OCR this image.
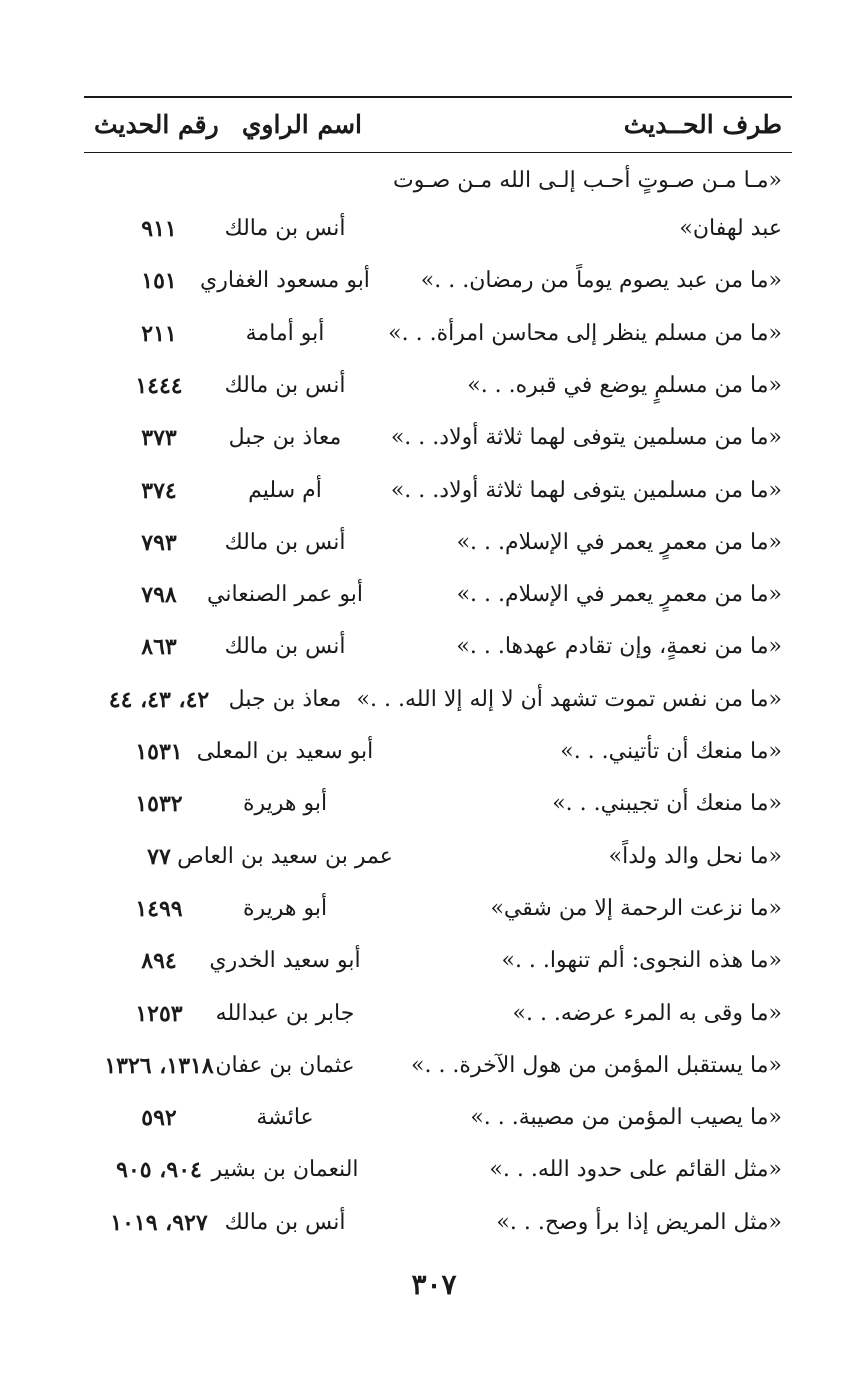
طرف الحــديث
اسم الراوي
رقم الحديث
«مـا مـن صـوتٍ أحـب إلـى الله مـن صـوت
عبد لهفان»
أنس بن مالك
٩١١
«ما من عبد يصوم يوماً من رمضان. . .»
أبو مسعود الغفاري
١٥١
«ما من مسلم ينظر إلى محاسن امرأة. . .»
أبو أمامة
٢١١
«ما من مسلمٍ يوضع في قبره. . .»
أنس بن مالك
١٤٤٤
«ما من مسلمين يتوفى لهما ثلاثة أولاد. . .»
معاذ بن جبل
٣٧٣
«ما من مسلمين يتوفى لهما ثلاثة أولاد. . .»
أم سليم
٣٧٤
«ما من معمرٍ يعمر في الإسلام. . .»
أنس بن مالك
٧٩٣
«ما من معمرٍ يعمر في الإسلام. . .»
أبو عمر الصنعاني
٧٩٨
«ما من نعمةٍ، وإن تقادم عهدها. . .»
أنس بن مالك
٨٦٣
«ما من نفس تموت تشهد أن لا إله إلا الله. . .»
معاذ بن جبل
٤٢، ٤٣، ٤٤
«ما منعك أن تأتيني. . .»
أبو سعيد بن المعلى
١٥٣١
«ما منعك أن تجيبني. . .»
أبو هريرة
١٥٣٢
«ما نحل والد ولداً»
عمر بن سعيد بن العاص
٧٧
«ما نزعت الرحمة إلا من شقي»
أبو هريرة
١٤٩٩
«ما هذه النجوى: ألم تنهوا. . .»
أبو سعيد الخدري
٨٩٤
«ما وقى به المرء عرضه. . .»
جابر بن عبدالله
١٢٥٣
«ما يستقبل المؤمن من هول الآخرة. . .»
عثمان بن عفان
١٣١٨، ١٣٢٦
«ما يصيب المؤمن من مصيبة. . .»
عائشة
٥٩٢
«مثل القائم على حدود الله. . .»
النعمان بن بشير
٩٠٤، ٩٠٥
«مثل المريض إذا برأ وصح. . .»
أنس بن مالك
٩٢٧، ١٠١٩
٣٠٧
